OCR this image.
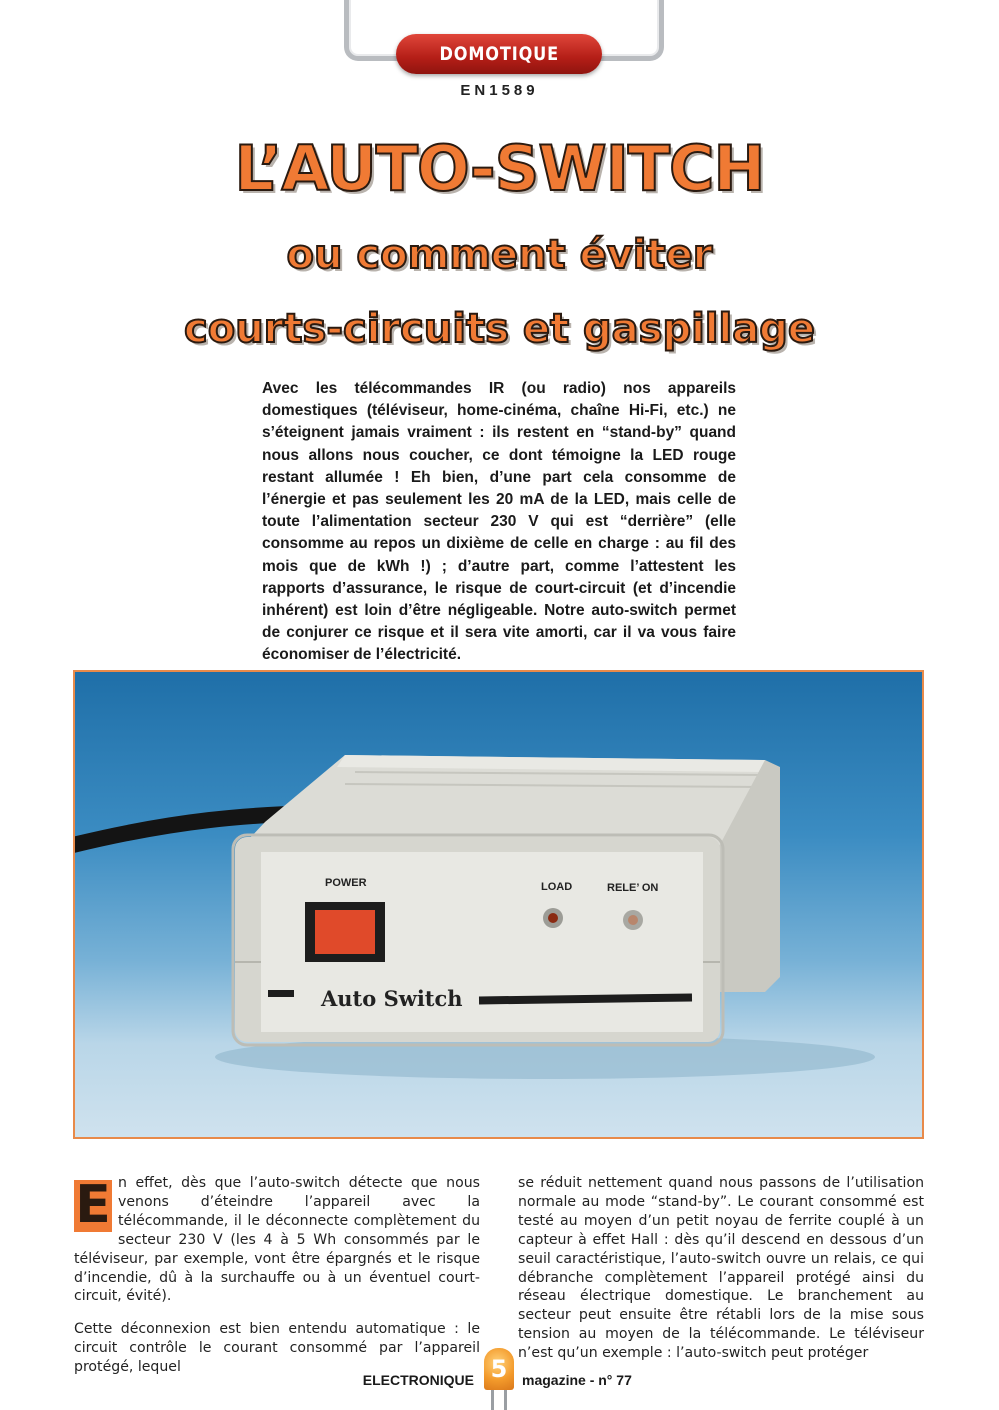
DOMOTIQUE
EN1589
L’AUTO-SWITCH
ou comment éviter
courts-circuits et gaspillage
Avec les télécommandes IR (ou radio) nos appareils domestiques (téléviseur, home-cinéma, chaîne Hi-Fi, etc.) ne s’éteignent jamais vraiment : ils restent en “stand-by” quand nous allons nous coucher, ce dont témoigne la LED rouge restant allumée ! Eh bien, d’une part cela consomme de l’énergie et pas seulement les 20 mA de la LED, mais celle de toute l’alimentation secteur 230 V qui est “derrière” (elle consomme au repos un dixième de celle en charge : au fil des mois que de kWh !) ; d’autre part, comme l’attestent les rapports d’assurance, le risque de court-circuit (et d’incendie inhérent) est loin d’être négligeable. Notre auto-switch permet de conjurer ce risque et il sera vite amorti, car il va vous faire économiser de l’électricité.
POWER	LOAD	RELE’ ON
Auto Switch

E n effet, dès que l’auto-switch détecte que nous venons d’éteindre l’appareil avec la télécommande, il le déconnecte complètement du secteur 230 V (les 4 à 5 Wh consommés par le téléviseur, par exemple, vont être épargnés et le risque d’incendie, dû à la surchauffe ou à un éventuel court-circuit, évité).

Cette déconnexion est bien entendu automatique : le circuit contrôle le courant consommé par l’appareil protégé, lequel

se réduit nettement quand nous passons de l’utilisation normale au mode “stand-by”. Le courant consommé est testé au moyen d’un petit noyau de ferrite couplé à un capteur à effet Hall : dès qu’il descend en dessous d’un seuil caractéristique, l’auto-switch ouvre un relais, ce qui débranche complètement l’appareil protégé ainsi du réseau électrique domestique. Le branchement au secteur peut ensuite être rétabli lors de la mise sous tension au moyen de la télécommande. Le téléviseur n’est qu’un exemple : l’auto-switch peut protéger

ELECTRONIQUE 5 magazine - n° 77
